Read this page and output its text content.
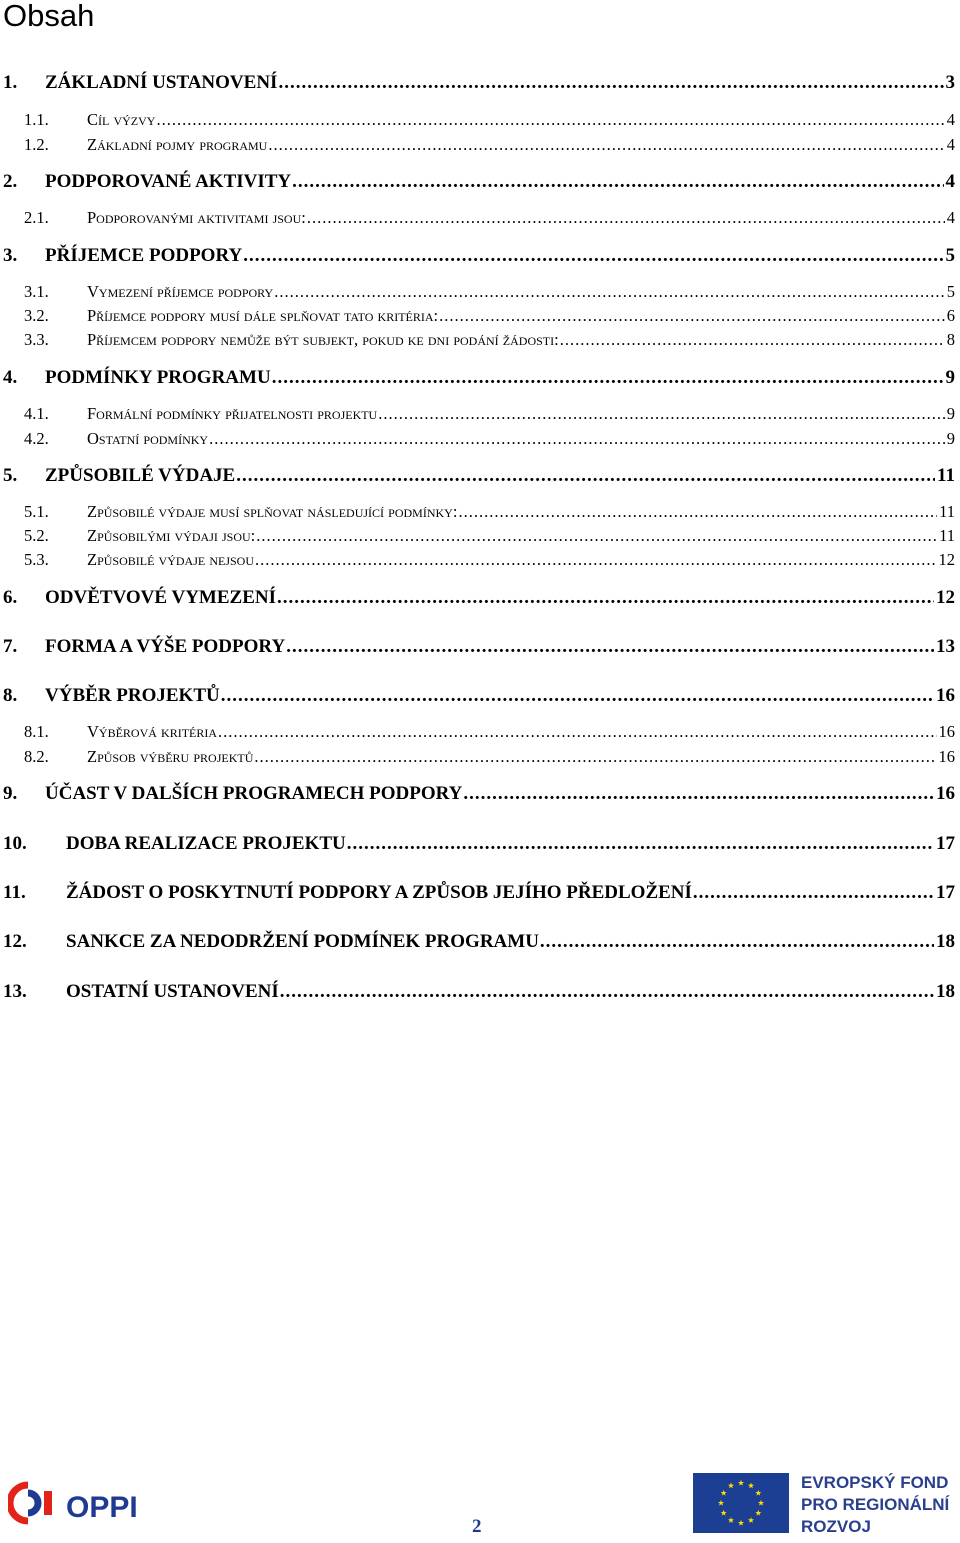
Obsah
1.	ZÁKLADNÍ USTANOVENÍ .....	3
1.1.	Cíl výzvy .....	4
1.2.	Základní pojmy programu .....	4
2.	PODPOROVANÉ AKTIVITY .....	4
2.1.	Podporovanými aktivitami jsou: .....	4
3.	PŘÍJEMCE PODPORY .....	5
3.1.	Vymezení příjemce podpory .....	5
3.2.	Příjemce podpory musí dále splňovat tato kritéria: .....	6
3.3.	Příjemcem podpory nemůže být subjekt, pokud ke dni podání žádosti: .....	8
4.	PODMÍNKY PROGRAMU .....	9
4.1.	Formální podmínky přijatelnosti projektu .....	9
4.2.	Ostatní podmínky .....	9
5.	ZPŮSOBILÉ VÝDAJE .....	11
5.1.	Způsobilé výdaje musí splňovat následující podmínky: .....	11
5.2.	Způsobilými výdaji jsou: .....	11
5.3.	Způsobilé výdaje nejsou .....	12
6.	ODVĚTVOVÉ VYMEZENÍ .....	12
7.	FORMA A VÝŠE PODPORY .....	13
8.	VÝBĚR PROJEKTŮ .....	16
8.1.	Výběrová kritéria .....	16
8.2.	Způsob výběru projektů .....	16
9.	ÚČAST V DALŠÍCH PROGRAMECH PODPORY .....	16
10.	DOBA REALIZACE PROJEKTU .....	17
11.	ŽÁDOST O POSKYTNUTÍ PODPORY A ZPŮSOB JEJÍHO PŘEDLOŽENÍ .....	17
12.	SANKCE ZA NEDODRŽENÍ PODMÍNEK PROGRAMU .....	18
13.	OSTATNÍ USTANOVENÍ .....	18
OPPI
2
EVROPSKÝ FOND
PRO REGIONÁLNÍ
ROZVOJ
